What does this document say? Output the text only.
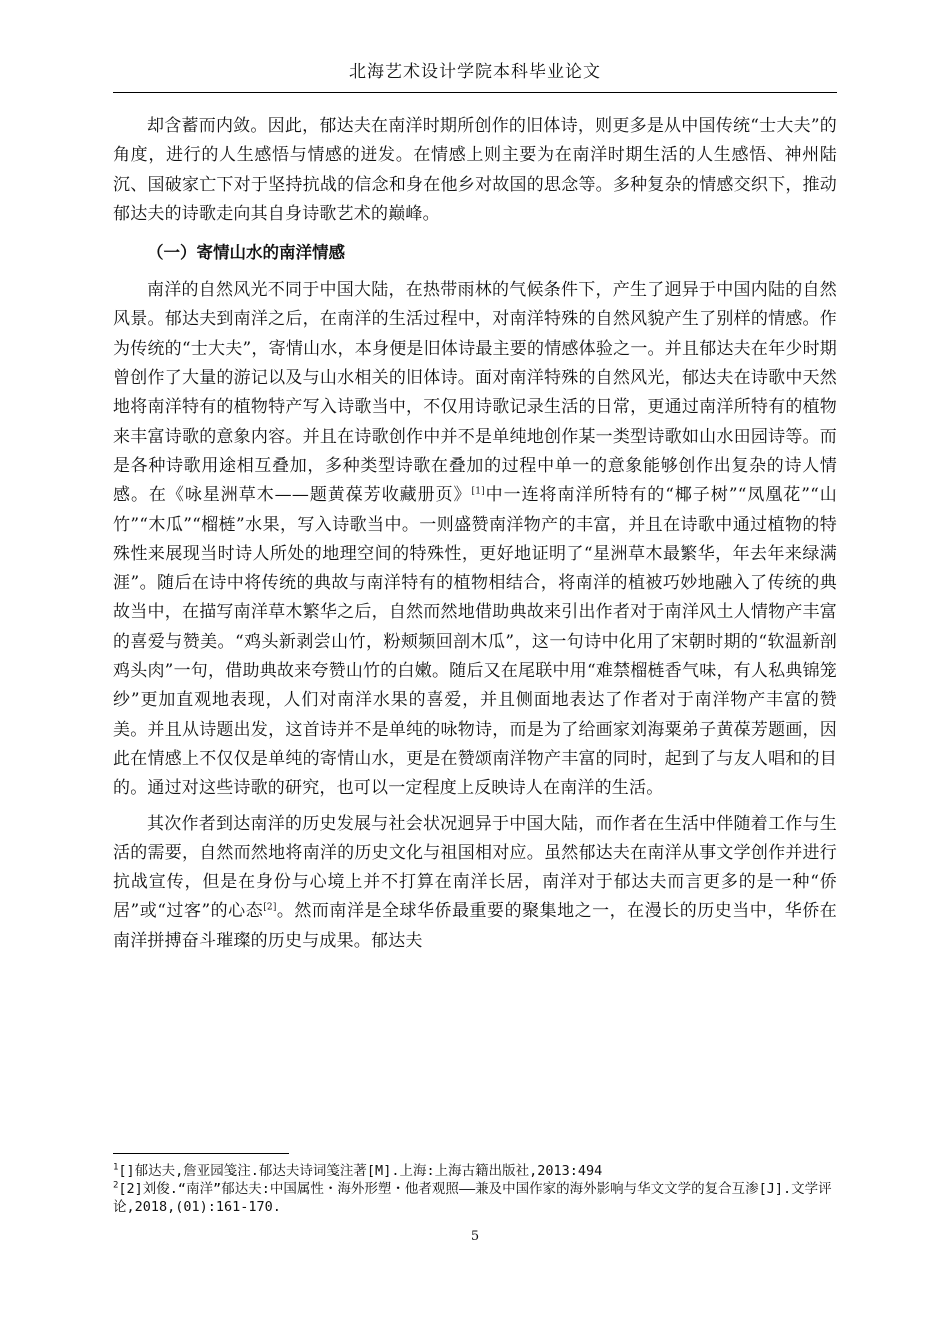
北海艺术设计学院本科毕业论文

却含蓄而内敛。因此，郁达夫在南洋时期所创作的旧体诗，则更多是从中国传统“士大夫”的角度，进行的人生感悟与情感的迸发。在情感上则主要为在南洋时期生活的人生感悟、神州陆沉、国破家亡下对于坚持抗战的信念和身在他乡对故国的思念等。多种复杂的情感交织下，推动郁达夫的诗歌走向其自身诗歌艺术的巅峰。

（一）寄情山水的南洋情感

南洋的自然风光不同于中国大陆，在热带雨林的气候条件下，产生了迥异于中国内陆的自然风景。郁达夫到南洋之后，在南洋的生活过程中，对南洋特殊的自然风貌产生了别样的情感。作为传统的“士大夫”，寄情山水，本身便是旧体诗最主要的情感体验之一。并且郁达夫在年少时期曾创作了大量的游记以及与山水相关的旧体诗。面对南洋特殊的自然风光，郁达夫在诗歌中天然地将南洋特有的植物特产写入诗歌当中，不仅用诗歌记录生活的日常，更通过南洋所特有的植物来丰富诗歌的意象内容。并且在诗歌创作中并不是单纯地创作某一类型诗歌如山水田园诗等。而是各种诗歌用途相互叠加，多种类型诗歌在叠加的过程中单一的意象能够创作出复杂的诗人情感。在《咏星洲草木——题黄葆芳收藏册页》[1]中一连将南洋所特有的“椰子树”“凤凰花”“山竹”“木瓜”“榴梿”水果，写入诗歌当中。一则盛赞南洋物产的丰富，并且在诗歌中通过植物的特殊性来展现当时诗人所处的地理空间的特殊性，更好地证明了“星洲草木最繁华，年去年来绿满涯”。随后在诗中将传统的典故与南洋特有的植物相结合，将南洋的植被巧妙地融入了传统的典故当中，在描写南洋草木繁华之后，自然而然地借助典故来引出作者对于南洋风土人情物产丰富的喜爱与赞美。“鸡头新剥尝山竹，粉颊频回剖木瓜”，这一句诗中化用了宋朝时期的“软温新剖鸡头肉”一句，借助典故来夸赞山竹的白嫩。随后又在尾联中用“难禁榴梿香气味，有人私典锦笼纱”更加直观地表现，人们对南洋水果的喜爱，并且侧面地表达了作者对于南洋物产丰富的赞美。并且从诗题出发，这首诗并不是单纯的咏物诗，而是为了给画家刘海粟弟子黄葆芳题画，因此在情感上不仅仅是单纯的寄情山水，更是在赞颂南洋物产丰富的同时，起到了与友人唱和的目的。通过对这些诗歌的研究，也可以一定程度上反映诗人在南洋的生活。

其次作者到达南洋的历史发展与社会状况迥异于中国大陆，而作者在生活中伴随着工作与生活的需要，自然而然地将南洋的历史文化与祖国相对应。虽然郁达夫在南洋从事文学创作并进行抗战宣传，但是在身份与心境上并不打算在南洋长居，南洋对于郁达夫而言更多的是一种“侨居”或“过客”的心态[2]。然而南洋是全球华侨最重要的聚集地之一，在漫长的历史当中，华侨在南洋拼搏奋斗璀璨的历史与成果。郁达夫

$^1$[]郁达夫,詹亚园笺注.郁达夫诗词笺注著[M].上海:上海古籍出版社,2013:494

$^2$[2]刘俊.“南洋”郁达夫:中国属性・海外形塑・他者观照——兼及中国作家的海外影响与华文文学的复合互渗[J].文学评论,2018,(01):161-170.

5
